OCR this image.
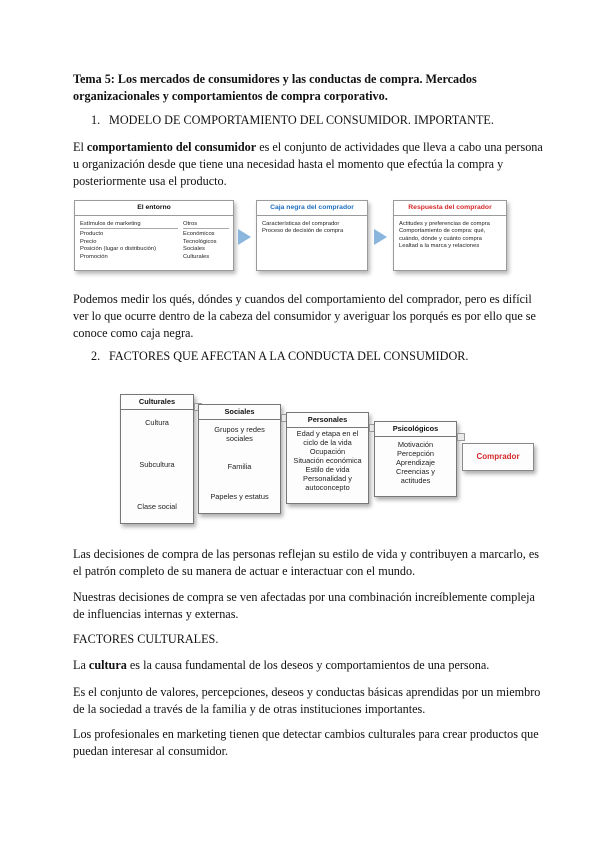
Tema 5: Los mercados de consumidores y las conductas de compra. Mercados organizacionales y comportamientos de compra corporativo.

1. MODELO DE COMPORTAMIENTO DEL CONSUMIDOR. IMPORTANTE.

El comportamiento del consumidor es el conjunto de actividades que lleva a cabo una persona u organización desde que tiene una necesidad hasta el momento que efectúa la compra y posteriormente usa el producto.

El entorno
Estímulos de marketing
Producto
Precio
Posición (lugar o distribución)
Promoción
Otros
Económicos
Tecnológicos
Sociales
Culturales
Caja negra del comprador
Características del comprador
Proceso de decisión de compra
Respuesta del comprador
Actitudes y preferencias de compra
Comportamiento de compra: qué,
cuándo, dónde y cuánto compra
Lealtad a la marca y relaciones

Podemos medir los qués, dóndes y cuandos del comportamiento del comprador, pero es difícil ver lo que ocurre dentro de la cabeza del consumidor y averiguar los porqués es por ello que se conoce como caja negra.

2. FACTORES QUE AFECTAN A LA CONDUCTA DEL CONSUMIDOR.
Culturales
Cultura
Subcultura
Clase social
Sociales
Grupos y redes sociales
Familia
Papeles y estatus
Personales
Edad y etapa en el ciclo de la vida
Ocupación
Situación económica
Estilo de vida
Personalidad y autoconcepto
Psicológicos
Motivación
Percepción
Aprendizaje
Creencias y actitudes
Comprador

Las decisiones de compra de las personas reflejan su estilo de vida y contribuyen a marcarlo, es el patrón completo de su manera de actuar e interactuar con el mundo.

Nuestras decisiones de compra se ven afectadas por una combinación increíblemente compleja de influencias internas y externas.

FACTORES CULTURALES.

La cultura es la causa fundamental de los deseos y comportamientos de una persona.

Es el conjunto de valores, percepciones, deseos y conductas básicas aprendidas por un miembro de la sociedad a través de la familia y de otras instituciones importantes.

Los profesionales en marketing tienen que detectar cambios culturales para crear productos que puedan interesar al consumidor.
